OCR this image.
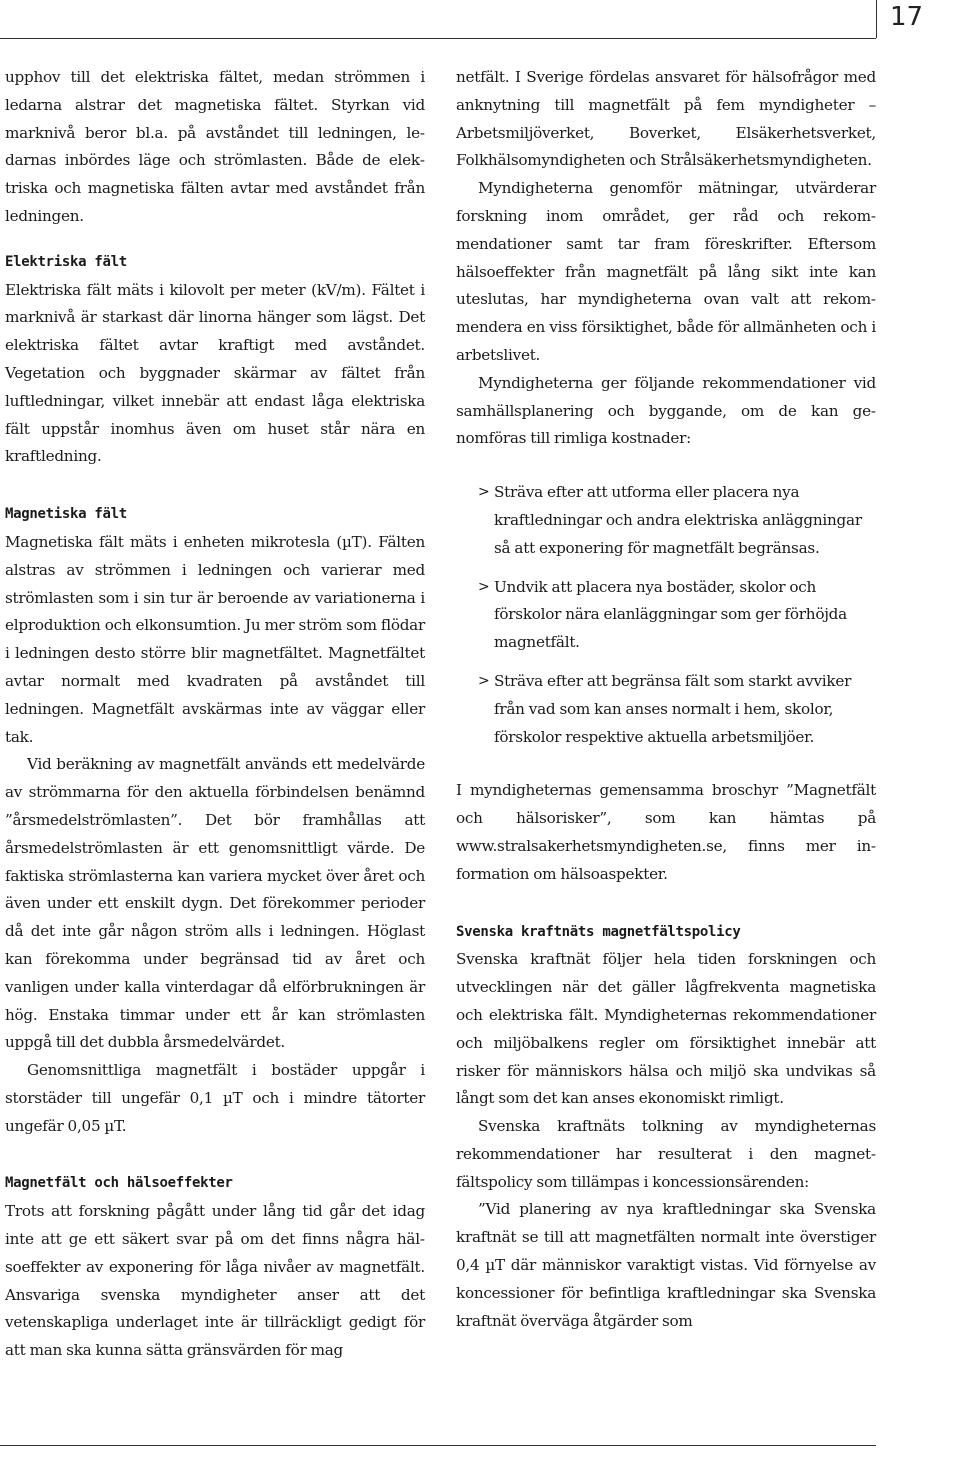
17

upphov till det elektriska fältet, medan strömmen i ledarna alstrar det magnetiska fältet. Styrkan vid marknivå beror bl.a. på avståndet till ledningen, ledarnas inbördes läge och strömlasten. Både de elektriska och magnetiska fälten avtar med avståndet från ledningen.

Elektriska fält

Elektriska fält mäts i kilovolt per meter (kV/m). Fältet i marknivå är starkast där linorna hänger som lägst. Det elektriska fältet avtar kraftigt med avståndet. Vegetation och byggnader skärmar av fältet från luftledningar, vilket innebär att endast låga elektriska fält uppstår inomhus även om huset står nära en kraftledning.

Magnetiska fält

Magnetiska fält mäts i enheten mikrotesla (µT). Fälten alstras av strömmen i ledningen och varierar med strömlasten som i sin tur är beroende av variationerna i elproduktion och elkonsumtion. Ju mer ström som flödar i ledningen desto större blir magnetfältet. Magnetfältet avtar normalt med kvadraten på avståndet till ledningen. Magnetfält avskärmas inte av väggar eller tak.

Vid beräkning av magnetfält används ett medelvärde av strömmarna för den aktuella förbindelsen benämnd ”årsmedelströmlasten”. Det bör framhållas att årsmedelströmlasten är ett genomsnittligt värde. De faktiska strömlasterna kan variera mycket över året och även under ett enskilt dygn. Det förekommer perioder då det inte går någon ström alls i ledningen. Höglast kan förekomma under begränsad tid av året och vanligen under kalla vinterdagar då elförbrukningen är hög. Enstaka timmar under ett år kan strömlasten uppgå till det dubbla årsmedelvärdet.

Genomsnittliga magnetfält i bostäder uppgår i storstäder till ungefär 0,1 µT och i mindre tätorter ungefär 0,05 µT.

Magnetfält och hälsoeffekter

Trots att forskning pågått under lång tid går det idag inte att ge ett säkert svar på om det finns några hälsoeffekter av exponering för låga nivåer av magnetfält. Ansvariga svenska myndigheter anser att det vetenskapliga underlaget inte är tillräckligt gedigt för att man ska kunna sätta gränsvärden för mag

netfält. I Sverige fördelas ansvaret för hälsofrågor med anknytning till magnetfält på fem myndigheter – Arbetsmiljöverket, Boverket, Elsäkerhetsverket, Folkhälsomyndigheten och Strålsäkerhetsmyndigheten.

Myndigheterna genomför mätningar, utvärderar forskning inom området, ger råd och rekommendationer samt tar fram föreskrifter. Eftersom hälsoeffekter från magnetfält på lång sikt inte kan uteslutas, har myndigheterna ovan valt att rekommendera en viss försiktighet, både för allmänheten och i arbetslivet.

Myndigheterna ger följande rekommendationer vid samhällsplanering och byggande, om de kan genomföras till rimliga kostnader:

> Sträva efter att utforma eller placera nya kraftledningar och andra elektriska anläggningar så att exponering för magnetfält begränsas.

> Undvik att placera nya bostäder, skolor och förskolor nära elanläggningar som ger förhöjda magnetfält.

> Sträva efter att begränsa fält som starkt avviker från vad som kan anses normalt i hem, skolor, förskolor respektive aktuella arbetsmiljöer.

I myndigheternas gemensamma broschyr ”Magnetfält och hälsorisker”, som kan hämtas på www.stralsakerhetsmyndigheten.se, finns mer information om hälsoaspekter.

Svenska kraftnäts magnetfältspolicy

Svenska kraftnät följer hela tiden forskningen och utvecklingen när det gäller lågfrekventa magnetiska och elektriska fält. Myndigheternas rekommendationer och miljöbalkens regler om försiktighet innebär att risker för människors hälsa och miljö ska undvikas så långt som det kan anses ekonomiskt rimligt.

Svenska kraftnäts tolkning av myndigheternas rekommendationer har resulterat i den magnetfältspolicy som tillämpas i koncessionsärenden:

”Vid planering av nya kraftledningar ska Svenska kraftnät se till att magnetfälten normalt inte överstiger 0,4 µT där människor varaktigt vistas. Vid förnyelse av koncessioner för befintliga kraftledningar ska Svenska kraftnät överväga åtgärder som
